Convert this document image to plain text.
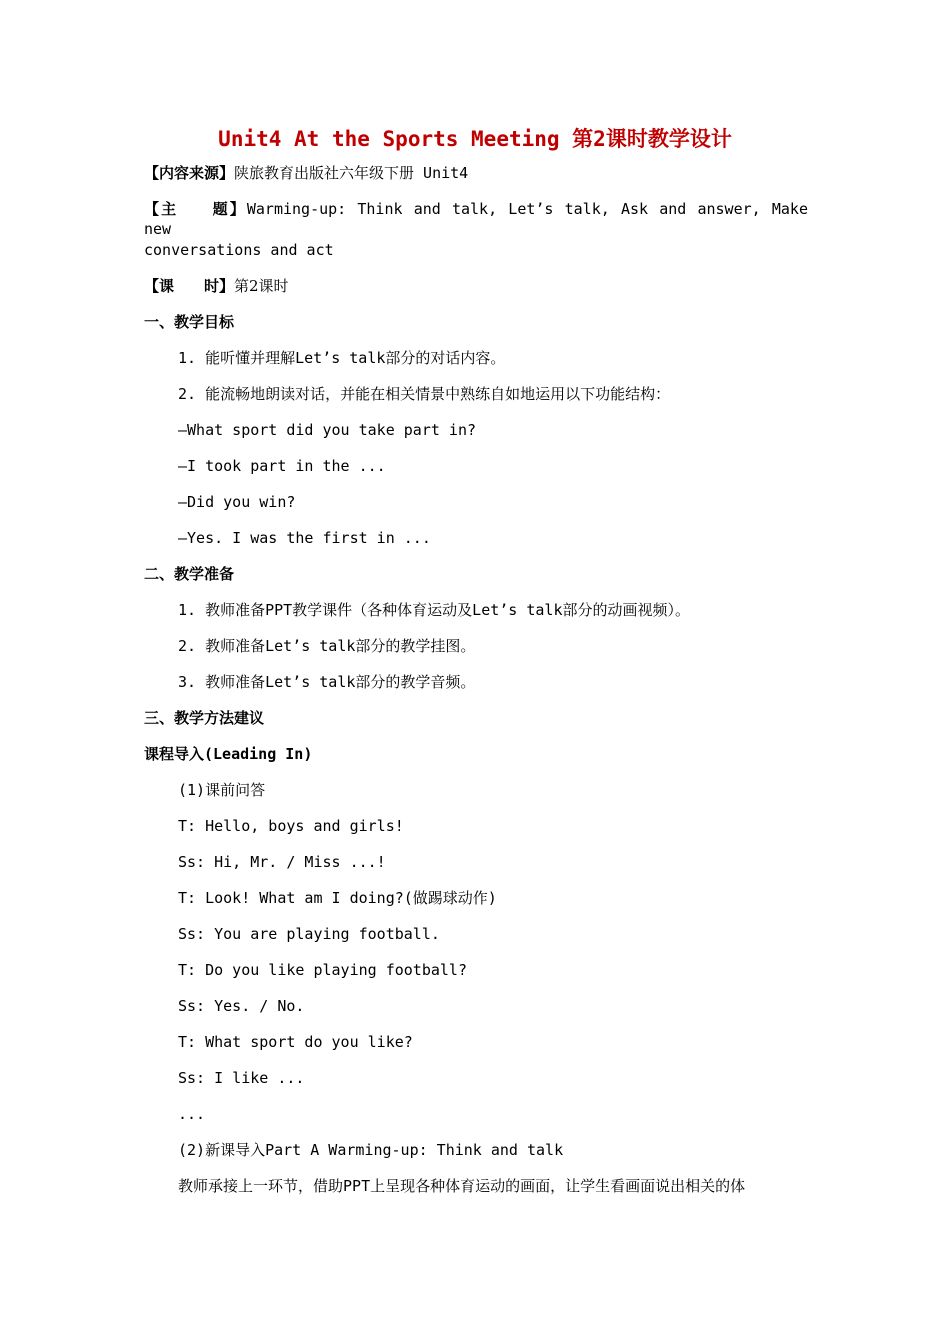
Unit4 At the Sports Meeting 第2课时教学设计
【内容来源】陕旅教育出版社六年级下册 Unit4
【主　　题】Warming-up: Think and talk, Let’s talk, Ask and answer, Make new
conversations and act
【课　　时】第2课时
一、教学目标
1. 能听懂并理解Let’s talk部分的对话内容。
2. 能流畅地朗读对话，并能在相关情景中熟练自如地运用以下功能结构：
—What sport did you take part in?
—I took part in the ...
—Did you win?
—Yes. I was the first in ...
二、教学准备
1. 教师准备PPT教学课件（各种体育运动及Let’s talk部分的动画视频）。
2. 教师准备Let’s talk部分的教学挂图。
3. 教师准备Let’s talk部分的教学音频。
三、教学方法建议
课程导入(Leading In)
(1)课前问答
T: Hello, boys and girls!
Ss: Hi, Mr. / Miss ...!
T: Look! What am I doing?(做踢球动作)
Ss: You are playing football.
T: Do you like playing football?
Ss: Yes. / No.
T: What sport do you like?
Ss: I like ...
...
(2)新课导入Part A Warming-up: Think and talk
教师承接上一环节，借助PPT上呈现各种体育运动的画面，让学生看画面说出相关的体
